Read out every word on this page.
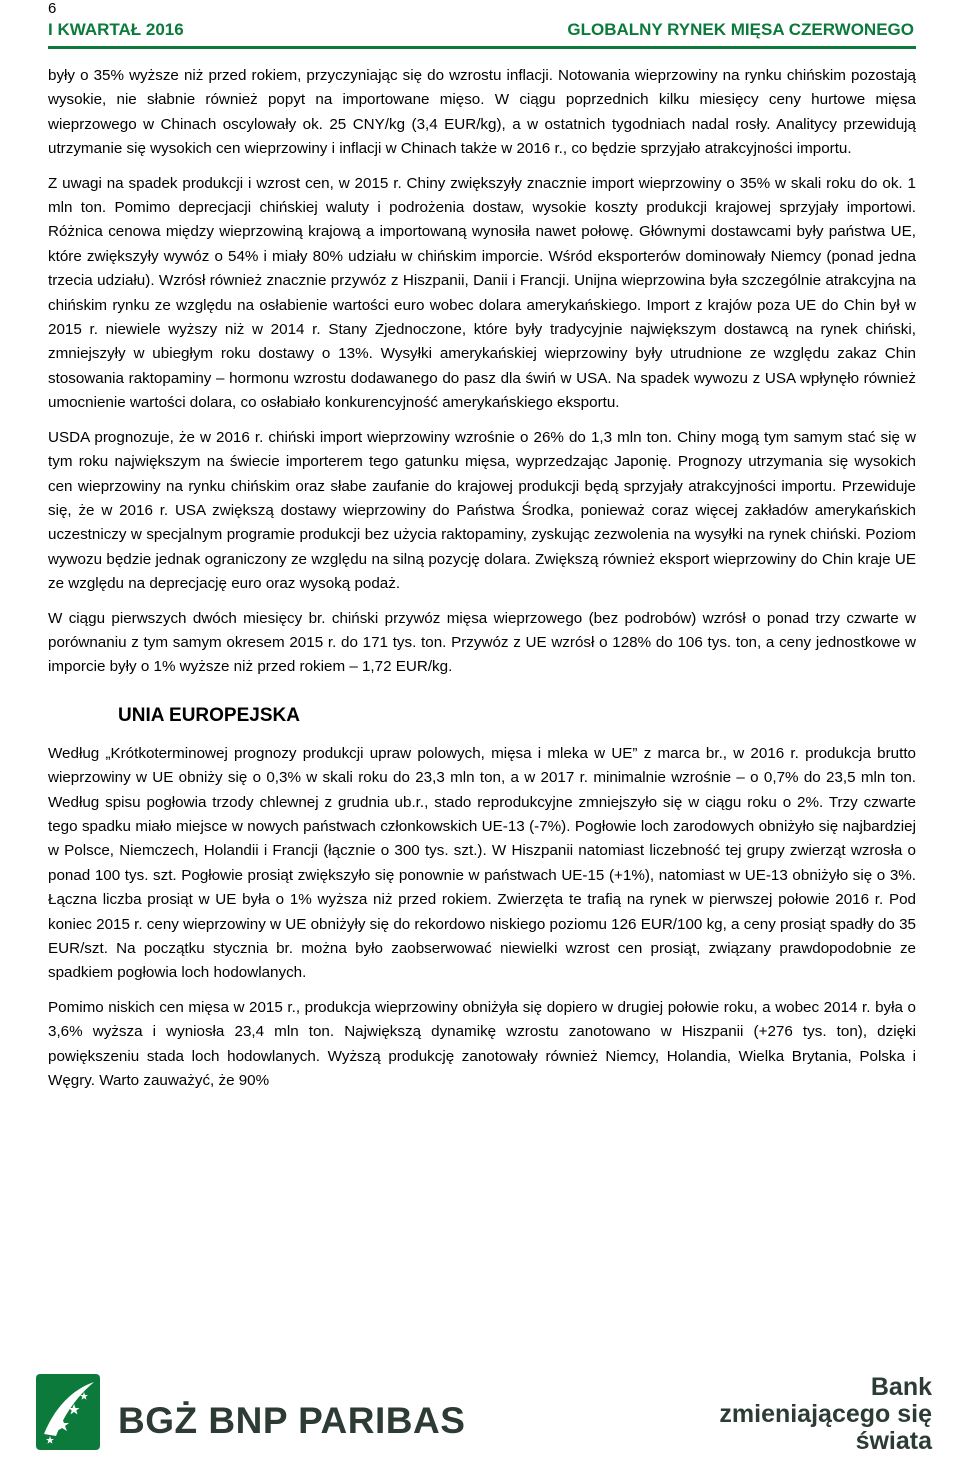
6
I KWARTAŁ 2016	GLOBALNY RYNEK MIĘSA CZERWONEGO

były o 35% wyższe niż przed rokiem, przyczyniając się do wzrostu inflacji. Notowania wieprzowiny na rynku chińskim pozostają wysokie, nie słabnie również popyt na importowane mięso. W ciągu poprzednich kilku miesięcy ceny hurtowe mięsa wieprzowego w Chinach oscylowały ok. 25 CNY/kg (3,4 EUR/kg), a w ostatnich tygodniach nadal rosły. Analitycy przewidują utrzymanie się wysokich cen wieprzowiny i inflacji w Chinach także w 2016 r., co będzie sprzyjało atrakcyjności importu.

Z uwagi na spadek produkcji i wzrost cen, w 2015 r. Chiny zwiększyły znacznie import wieprzowiny o 35% w skali roku do ok. 1 mln ton. Pomimo deprecjacji chińskiej waluty i podrożenia dostaw, wysokie koszty produkcji krajowej sprzyjały importowi. Różnica cenowa między wieprzowiną krajową a importowaną wynosiła nawet połowę. Głównymi dostawcami były państwa UE, które zwiększyły wywóz o 54% i miały 80% udziału w chińskim imporcie. Wśród eksporterów dominowały Niemcy (ponad jedna trzecia udziału). Wzrósł również znacznie przywóz z Hiszpanii, Danii i Francji. Unijna wieprzowina była szczególnie atrakcyjna na chińskim rynku ze względu na osłabienie wartości euro wobec dolara amerykańskiego. Import z krajów poza UE do Chin był w 2015 r. niewiele wyższy niż w 2014 r. Stany Zjednoczone, które były tradycyjnie największym dostawcą na rynek chiński, zmniejszyły w ubiegłym roku dostawy o 13%. Wysyłki amerykańskiej wieprzowiny były utrudnione ze względu zakaz Chin stosowania raktopaminy – hormonu wzrostu dodawanego do pasz dla świń w USA. Na spadek wywozu z USA wpłynęło również umocnienie wartości dolara, co osłabiało konkurencyjność amerykańskiego eksportu.

USDA prognozuje, że w 2016 r. chiński import wieprzowiny wzrośnie o 26% do 1,3 mln ton. Chiny mogą tym samym stać się w tym roku największym na świecie importerem tego gatunku mięsa, wyprzedzając Japonię. Prognozy utrzymania się wysokich cen wieprzowiny na rynku chińskim oraz słabe zaufanie do krajowej produkcji będą sprzyjały atrakcyjności importu. Przewiduje się, że w 2016 r. USA zwiększą dostawy wieprzowiny do Państwa Środka, ponieważ coraz więcej zakładów amerykańskich uczestniczy w specjalnym programie produkcji bez użycia raktopaminy, zyskując zezwolenia na wysyłki na rynek chiński. Poziom wywozu będzie jednak ograniczony ze względu na silną pozycję dolara. Zwiększą również eksport wieprzowiny do Chin kraje UE ze względu na deprecjację euro oraz wysoką podaż.

W ciągu pierwszych dwóch miesięcy br. chiński przywóz mięsa wieprzowego (bez podrobów) wzrósł o ponad trzy czwarte w porównaniu z tym samym okresem 2015 r. do 171 tys. ton. Przywóz z UE wzrósł o 128% do 106 tys. ton, a ceny jednostkowe w imporcie były o 1% wyższe niż przed rokiem – 1,72 EUR/kg.

UNIA EUROPEJSKA

Według „Krótkoterminowej prognozy produkcji upraw polowych, mięsa i mleka w UE” z marca br., w 2016 r. produkcja brutto wieprzowiny w UE obniży się o 0,3% w skali roku do 23,3 mln ton, a w 2017 r. minimalnie wzrośnie – o 0,7% do 23,5 mln ton. Według spisu pogłowia trzody chlewnej z grudnia ub.r., stado reprodukcyjne zmniejszyło się w ciągu roku o 2%. Trzy czwarte tego spadku miało miejsce w nowych państwach członkowskich UE-13 (-7%). Pogłowie loch zarodowych obniżyło się najbardziej w Polsce, Niemczech, Holandii i Francji (łącznie o 300 tys. szt.). W Hiszpanii natomiast liczebność tej grupy zwierząt wzrosła o ponad 100 tys. szt. Pogłowie prosiąt zwiększyło się ponownie w państwach UE-15 (+1%), natomiast w UE-13 obniżyło się o 3%. Łączna liczba prosiąt w UE była o 1% wyższa niż przed rokiem. Zwierzęta te trafią na rynek w pierwszej połowie 2016 r. Pod koniec 2015 r. ceny wieprzowiny w UE obniżyły się do rekordowo niskiego poziomu 126 EUR/100 kg, a ceny prosiąt spadły do 35 EUR/szt. Na początku stycznia br. można było zaobserwować niewielki wzrost cen prosiąt, związany prawdopodobnie ze spadkiem pogłowia loch hodowlanych.

Pomimo niskich cen mięsa w 2015 r., produkcja wieprzowiny obniżyła się dopiero w drugiej połowie roku, a wobec 2014 r. była o 3,6% wyższa i wyniosła 23,4 mln ton. Największą dynamikę wzrostu zanotowano w Hiszpanii (+276 tys. ton), dzięki powiększeniu stada loch hodowlanych. Wyższą produkcję zanotowały również Niemcy, Holandia, Wielka Brytania, Polska i Węgry. Warto zauważyć, że 90%

BGŻ BNP PARIBAS
Bank
zmieniającego się
świata
